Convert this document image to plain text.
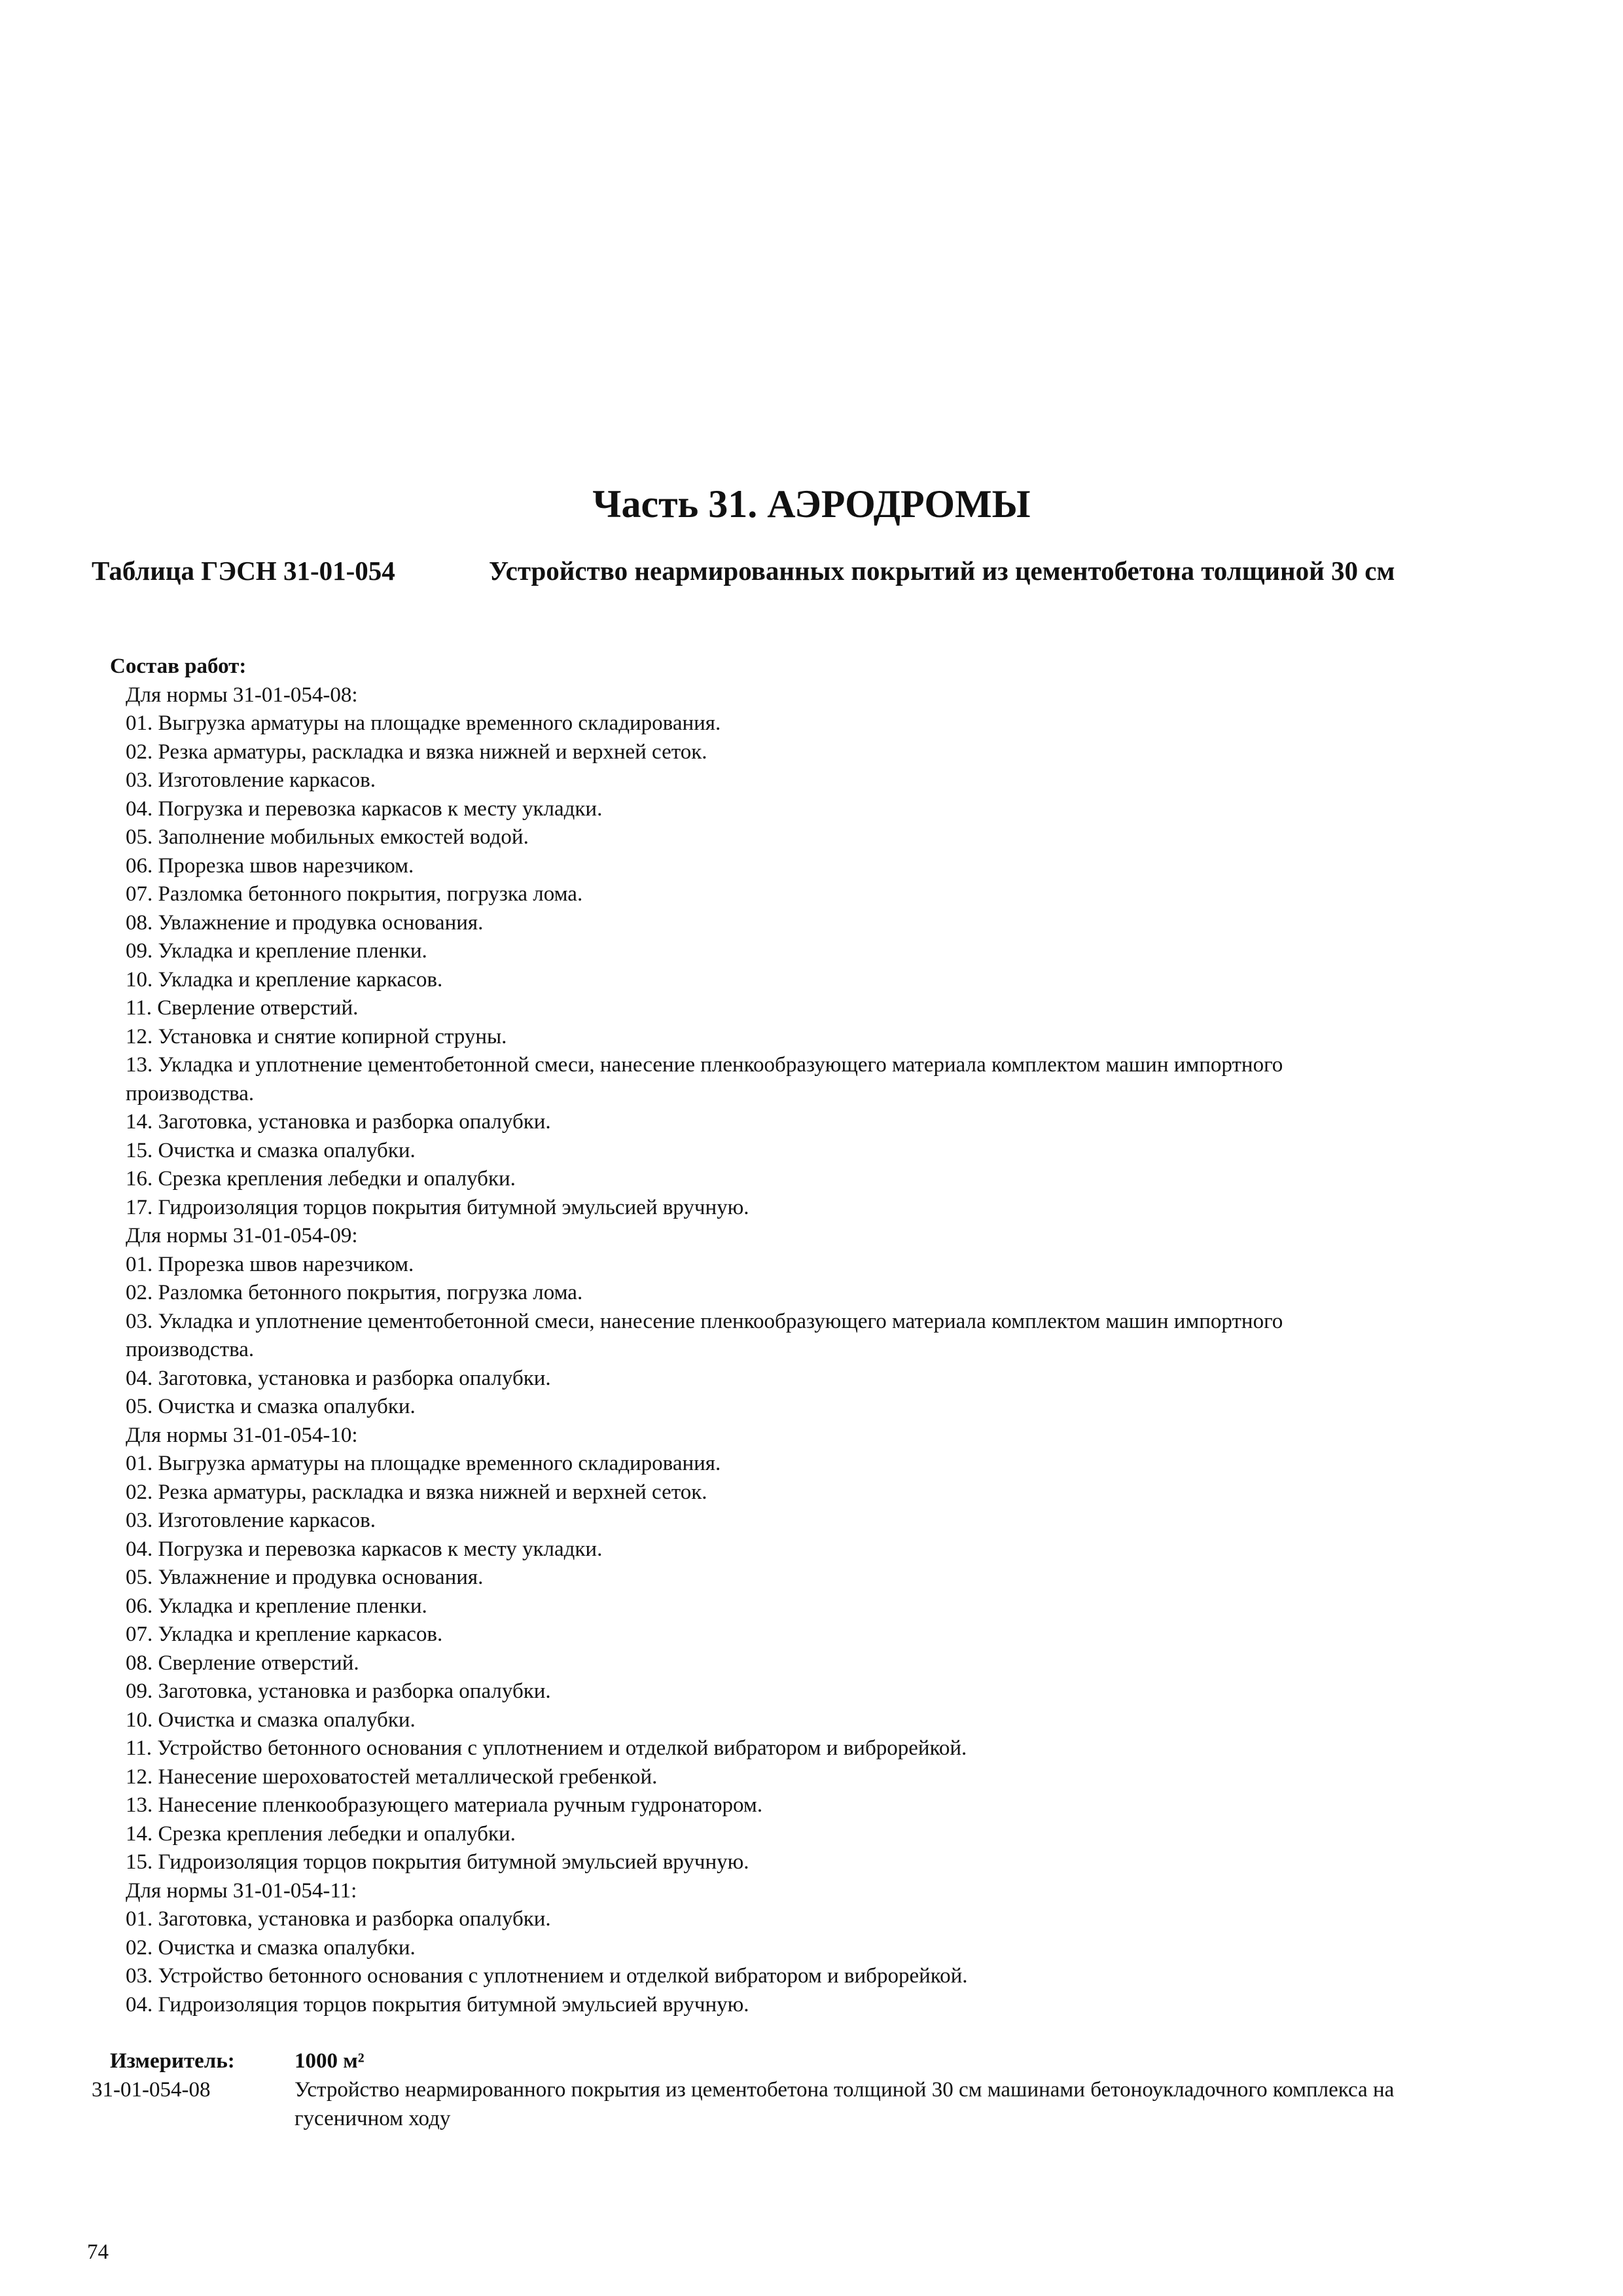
Часть 31. АЭРОДРОМЫ
Таблица ГЭСН 31-01-054	Устройство неармированных покрытий из цементобетона толщиной 30 см
Состав работ:
Для нормы 31-01-054-08:
01. Выгрузка арматуры на площадке временного складирования.
02. Резка арматуры, раскладка и вязка нижней и верхней сеток.
03. Изготовление каркасов.
04. Погрузка и перевозка каркасов к месту укладки.
05. Заполнение мобильных емкостей водой.
06. Прорезка швов нарезчиком.
07. Разломка бетонного покрытия, погрузка лома.
08. Увлажнение и продувка основания.
09. Укладка и крепление пленки.
10. Укладка и крепление каркасов.
11. Сверление отверстий.
12. Установка и снятие копирной струны.
13. Укладка и уплотнение цементобетонной смеси, нанесение пленкообразующего материала комплектом машин импортного
производства.
14. Заготовка, установка и разборка опалубки.
15. Очистка и смазка опалубки.
16. Срезка крепления лебедки и опалубки.
17. Гидроизоляция торцов покрытия битумной эмульсией вручную.
Для нормы 31-01-054-09:
01. Прорезка швов нарезчиком.
02. Разломка бетонного покрытия, погрузка лома.
03. Укладка и уплотнение цементобетонной смеси, нанесение пленкообразующего материала комплектом машин импортного
производства.
04. Заготовка, установка и разборка опалубки.
05. Очистка и смазка опалубки.
Для нормы 31-01-054-10:
01. Выгрузка арматуры на площадке временного складирования.
02. Резка арматуры, раскладка и вязка нижней и верхней сеток.
03. Изготовление каркасов.
04. Погрузка и перевозка каркасов к месту укладки.
05. Увлажнение и продувка основания.
06. Укладка и крепление пленки.
07. Укладка и крепление каркасов.
08. Сверление отверстий.
09. Заготовка, установка и разборка опалубки.
10. Очистка и смазка опалубки.
11. Устройство бетонного основания с уплотнением и отделкой вибратором и виброрейкой.
12. Нанесение шероховатостей металлической гребенкой.
13. Нанесение пленкообразующего материала ручным гудронатором.
14. Срезка крепления лебедки и опалубки.
15. Гидроизоляция торцов покрытия битумной эмульсией вручную.
Для нормы 31-01-054-11:
01. Заготовка, установка и разборка опалубки.
02. Очистка и смазка опалубки.
03. Устройство бетонного основания с уплотнением и отделкой вибратором и виброрейкой.
04. Гидроизоляция торцов покрытия битумной эмульсией вручную.
Измеритель:	1000 м²
31-01-054-08	Устройство неармированного покрытия из цементобетона толщиной 30 см машинами бетоноукладочного комплекса на гусеничном ходу
74
